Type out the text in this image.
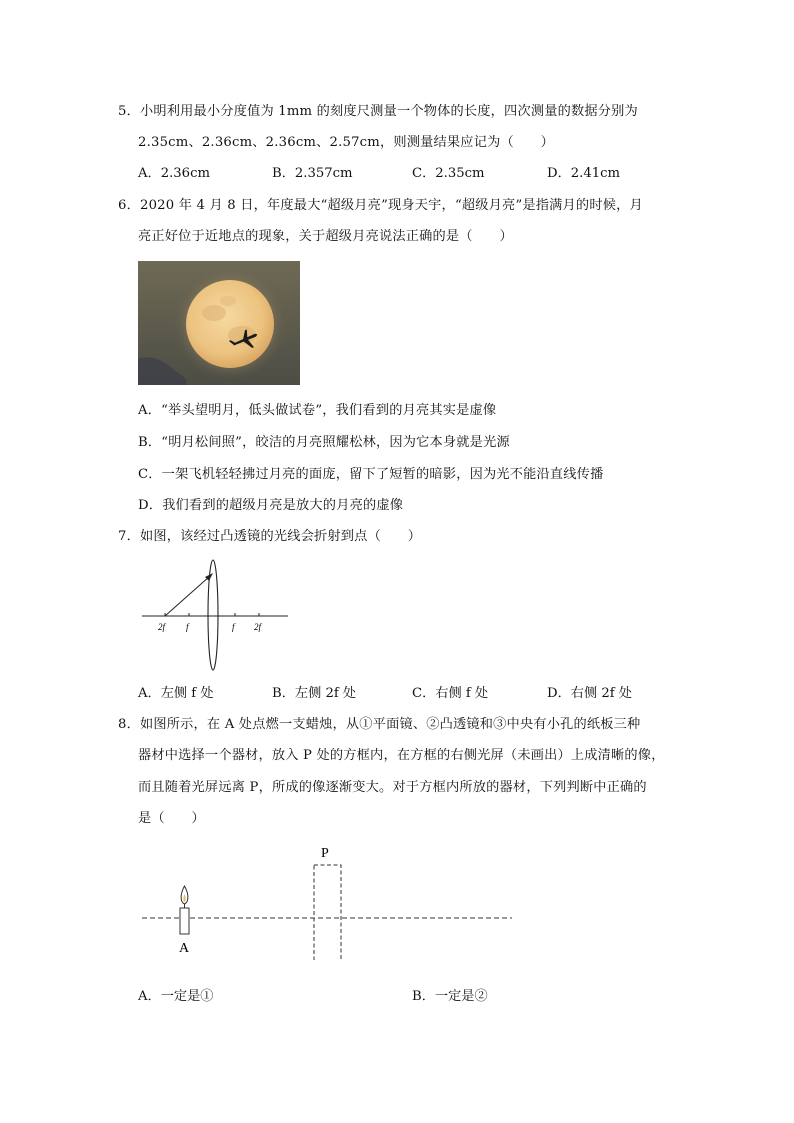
5．小明利用最小分度值为 1mm 的刻度尺测量一个物体的长度，四次测量的数据分别为
2.35cm、2.36cm、2.36cm、2.57cm，则测量结果应记为（　　）
A．2.36cm	B．2.357cm	C．2.35cm	D．2.41cm
6．2020 年 4 月 8 日，年度最大“超级月亮”现身天宇，“超级月亮”是指满月的时候，月
亮正好位于近地点的现象，关于超级月亮说法正确的是（　　）
A．“举头望明月，低头做试卷”，我们看到的月亮其实是虚像
B．“明月松间照”，皎洁的月亮照耀松林，因为它本身就是光源
C．一架飞机轻轻拂过月亮的面庞，留下了短暂的暗影，因为光不能沿直线传播
D．我们看到的超级月亮是放大的月亮的虚像
7．如图，该经过凸透镜的光线会折射到点（　　）
2f f	f 2f
A．左侧 f 处	B．左侧 2f 处	C．右侧 f 处	D．右侧 2f 处
8．如图所示，在 A 处点燃一支蜡烛，从①平面镜、②凸透镜和③中央有小孔的纸板三种
器材中选择一个器材，放入 P 处的方框内，在方框的右侧光屏（未画出）上成清晰的像，
而且随着光屏远离 P，所成的像逐渐变大。对于方框内所放的器材，下列判断中正确的
是（　　）
P
A
A．一定是①	B．一定是②
